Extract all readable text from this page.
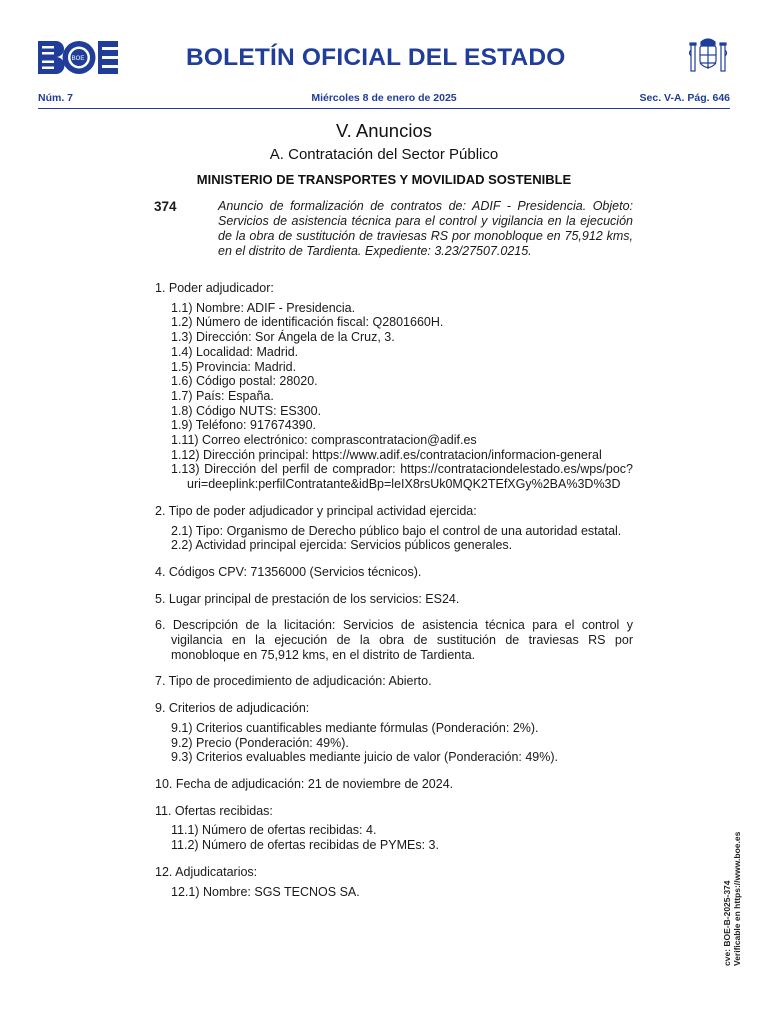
BOE	BOLETÍN OFICIAL DEL ESTADO
Núm. 7	Miércoles 8 de enero de 2025	Sec. V-A. Pág. 646
V. Anuncios
A. Contratación del Sector Público
MINISTERIO DE TRANSPORTES Y MOVILIDAD SOSTENIBLE
374	Anuncio de formalización de contratos de: ADIF - Presidencia. Objeto: Servicios de asistencia técnica para el control y vigilancia en la ejecución de la obra de sustitución de traviesas RS por monobloque en 75,912 kms, en el distrito de Tardienta. Expediente: 3.23/27507.0215.
1. Poder adjudicador:
1.1) Nombre: ADIF - Presidencia.
1.2) Número de identificación fiscal: Q2801660H.
1.3) Dirección: Sor Ángela de la Cruz, 3.
1.4) Localidad: Madrid.
1.5) Provincia: Madrid.
1.6) Código postal: 28020.
1.7) País: España.
1.8) Código NUTS: ES300.
1.9) Teléfono: 917674390.
1.11) Correo electrónico: comprascontratacion@adif.es
1.12) Dirección principal: https://www.adif.es/contratacion/informacion-general
1.13) Dirección del perfil de comprador: https://contrataciondelestado.es/wps/poc?uri=deeplink:perfilContratante&idBp=leIX8rsUk0MQK2TEfXGy%2BA%3D%3D
2. Tipo de poder adjudicador y principal actividad ejercida:
2.1) Tipo: Organismo de Derecho público bajo el control de una autoridad estatal.
2.2) Actividad principal ejercida: Servicios públicos generales.
4. Códigos CPV: 71356000 (Servicios técnicos).
5. Lugar principal de prestación de los servicios: ES24.
6. Descripción de la licitación: Servicios de asistencia técnica para el control y vigilancia en la ejecución de la obra de sustitución de traviesas RS por monobloque en 75,912 kms, en el distrito de Tardienta.
7. Tipo de procedimiento de adjudicación: Abierto.
9. Criterios de adjudicación:
9.1) Criterios cuantificables mediante fórmulas (Ponderación: 2%).
9.2) Precio (Ponderación: 49%).
9.3) Criterios evaluables mediante juicio de valor (Ponderación: 49%).
10. Fecha de adjudicación: 21 de noviembre de 2024.
11. Ofertas recibidas:
11.1) Número de ofertas recibidas: 4.
11.2) Número de ofertas recibidas de PYMEs: 3.
12. Adjudicatarios:
12.1) Nombre: SGS TECNOS SA.	cve: BOE-B-2025-374 Verificable en https://www.boe.es
